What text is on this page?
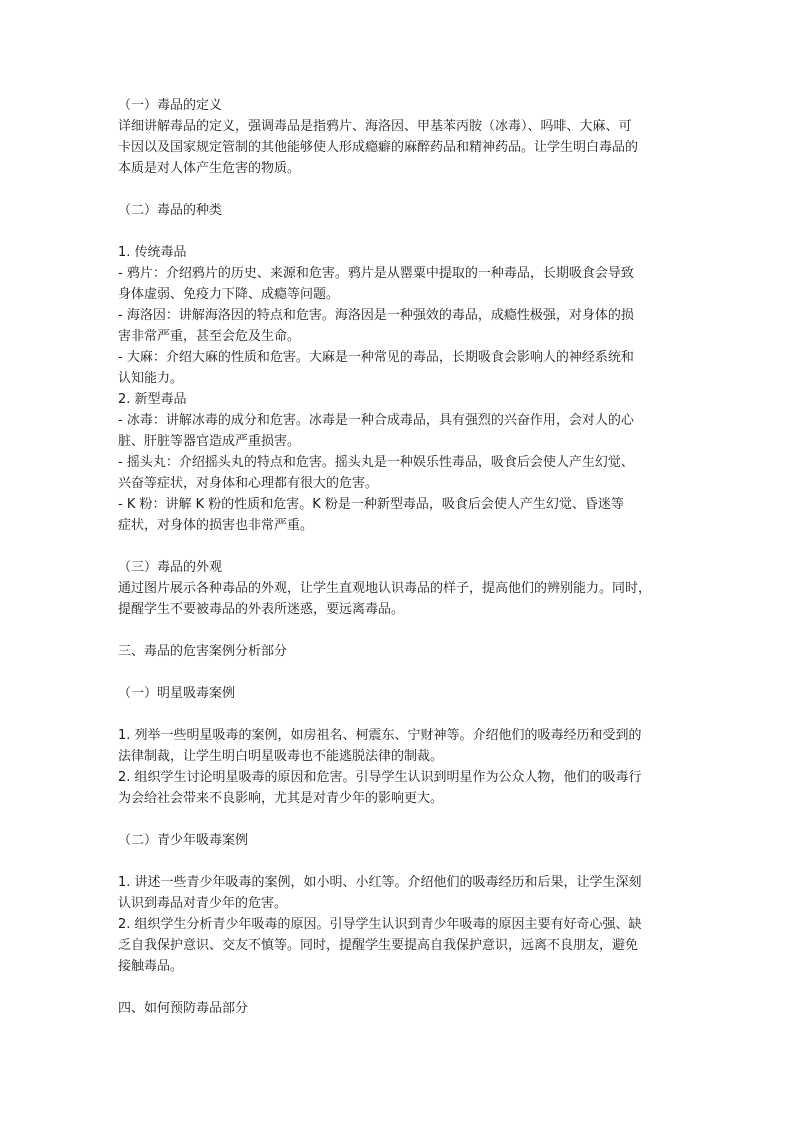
（一）毒品的定义
详细讲解毒品的定义，强调毒品是指鸦片、海洛因、甲基苯丙胺（冰毒）、吗啡、大麻、可
卡因以及国家规定管制的其他能够使人形成瘾癖的麻醉药品和精神药品。让学生明白毒品的
本质是对人体产生危害的物质。
（二）毒品的种类
1. 传统毒品
- 鸦片：介绍鸦片的历史、来源和危害。鸦片是从罂粟中提取的一种毒品，长期吸食会导致
身体虚弱、免疫力下降、成瘾等问题。
- 海洛因：讲解海洛因的特点和危害。海洛因是一种强效的毒品，成瘾性极强，对身体的损
害非常严重，甚至会危及生命。
- 大麻：介绍大麻的性质和危害。大麻是一种常见的毒品，长期吸食会影响人的神经系统和
认知能力。
2. 新型毒品
- 冰毒：讲解冰毒的成分和危害。冰毒是一种合成毒品，具有强烈的兴奋作用，会对人的心
脏、肝脏等器官造成严重损害。
- 摇头丸：介绍摇头丸的特点和危害。摇头丸是一种娱乐性毒品，吸食后会使人产生幻觉、
兴奋等症状，对身体和心理都有很大的危害。
- K 粉：讲解 K 粉的性质和危害。K 粉是一种新型毒品，吸食后会使人产生幻觉、昏迷等
症状，对身体的损害也非常严重。
（三）毒品的外观
通过图片展示各种毒品的外观，让学生直观地认识毒品的样子，提高他们的辨别能力。同时，
提醒学生不要被毒品的外表所迷惑，要远离毒品。
三、毒品的危害案例分析部分
（一）明星吸毒案例
1. 列举一些明星吸毒的案例，如房祖名、柯震东、宁财神等。介绍他们的吸毒经历和受到的
法律制裁，让学生明白明星吸毒也不能逃脱法律的制裁。
2. 组织学生讨论明星吸毒的原因和危害。引导学生认识到明星作为公众人物，他们的吸毒行
为会给社会带来不良影响，尤其是对青少年的影响更大。
（二）青少年吸毒案例
1. 讲述一些青少年吸毒的案例，如小明、小红等。介绍他们的吸毒经历和后果，让学生深刻
认识到毒品对青少年的危害。
2. 组织学生分析青少年吸毒的原因。引导学生认识到青少年吸毒的原因主要有好奇心强、缺
乏自我保护意识、交友不慎等。同时，提醒学生要提高自我保护意识，远离不良朋友，避免
接触毒品。
四、如何预防毒品部分
